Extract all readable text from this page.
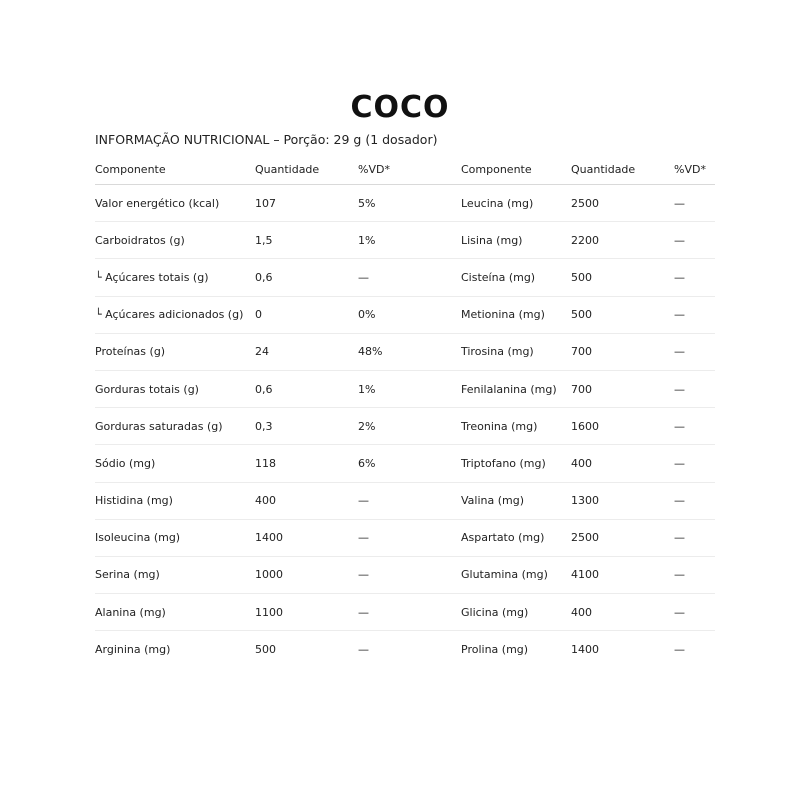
COCO
INFORMAÇÃO NUTRICIONAL – Porção: 29 g (1 dosador)
Componente	Quantidade	%VD*	Componente	Quantidade	%VD*
Valor energético (kcal)	107	5%	Leucina (mg)	2500	—
Carboidratos (g)	1,5	1%	Lisina (mg)	2200	—
└ Açúcares totais (g)	0,6	—	Cisteína (mg)	500	—
└ Açúcares adicionados (g) 0	0%	Metionina (mg) 500	—
Proteínas (g)	24	48%	Tirosina (mg)	700	—
Gorduras totais (g)	0,6	1%	Fenilalanina (mg) 700	—
Gorduras saturadas (g)	0,3	2%	Treonina (mg)	1600	—
Sódio (mg)	118	6%	Triptofano (mg) 400	—
Histidina (mg)	400	—	Valina (mg)	1300	—
Isoleucina (mg)	1400	—	Aspartato (mg) 2500	—
Serina (mg)	1000	—	Glutamina (mg) 4100	—
Alanina (mg)	1100	—	Glicina (mg)	400	—
Arginina (mg)	500	—	Prolina (mg)	1400	—
